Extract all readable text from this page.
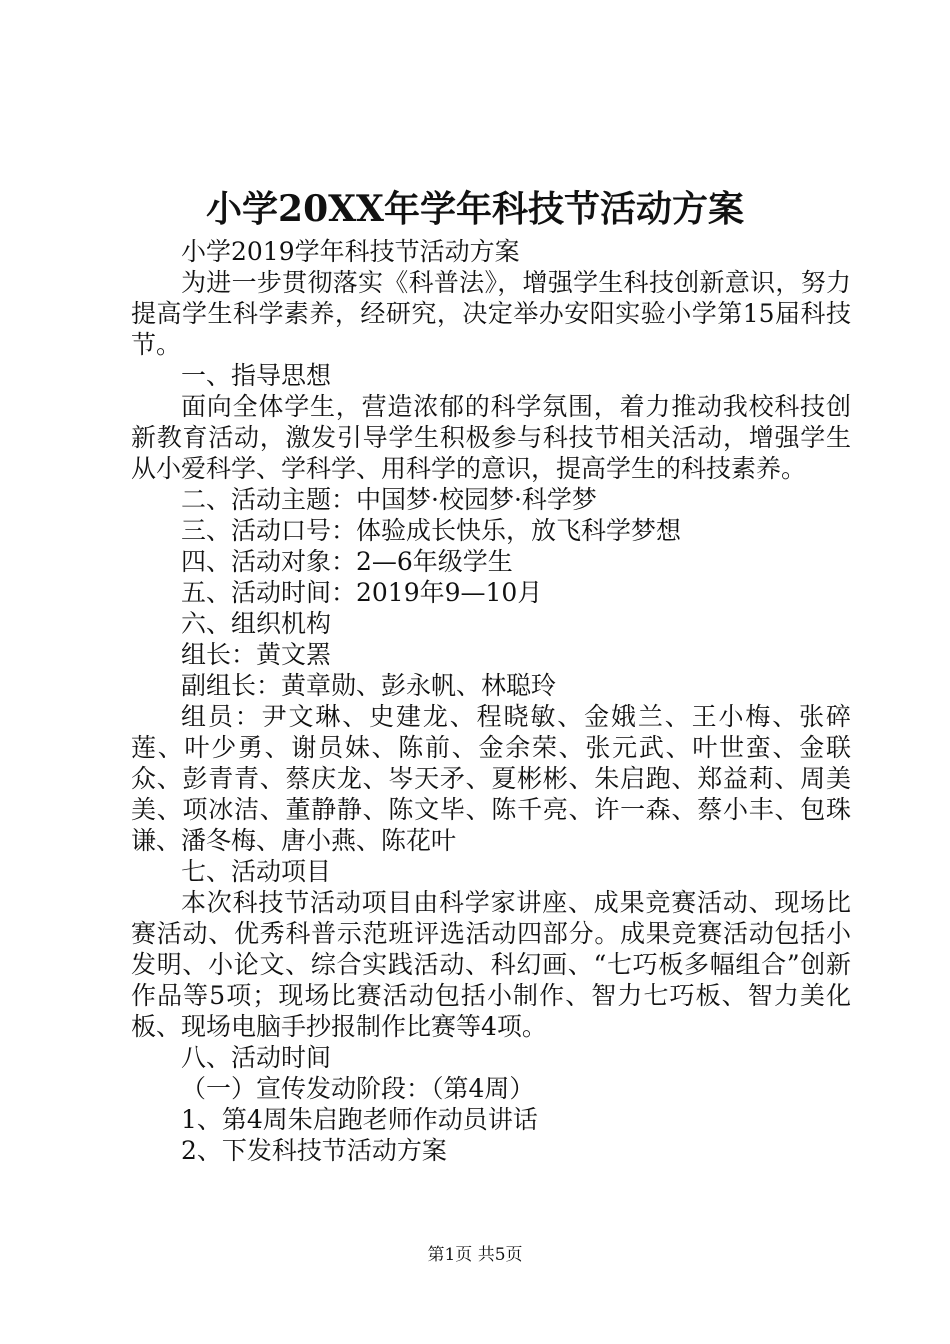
小学20XX年学年科技节活动方案

小学2019学年科技节活动方案

为进一步贯彻落实《科普法》，增强学生科技创新意识，努力提高学生科学素养，经研究，决定举办安阳实验小学第15届科技节。

一、指导思想

面向全体学生，营造浓郁的科学氛围，着力推动我校科技创新教育活动，激发引导学生积极参与科技节相关活动，增强学生从小爱科学、学科学、用科学的意识，提高学生的科技素养。

二、活动主题：中国梦·校园梦·科学梦

三、活动口号：体验成长快乐，放飞科学梦想

四、活动对象：2—6年级学生

五、活动时间：2019年9—10月

六、组织机构

组长：黄文罴

副组长：黄章勋、彭永帆、林聪玲

组员：尹文琳、史建龙、程晓敏、金娥兰、王小梅、张碎莲、叶少勇、谢员妹、陈前、金余荣、张元武、叶世蛮、金联众、彭青青、蔡庆龙、岑天矛、夏彬彬、朱启跑、郑益莉、周美美、项冰洁、董静静、陈文毕、陈千亮、许一森、蔡小丰、包珠谦、潘冬梅、唐小燕、陈花叶

七、活动项目

本次科技节活动项目由科学家讲座、成果竞赛活动、现场比赛活动、优秀科普示范班评选活动四部分。成果竞赛活动包括小发明、小论文、综合实践活动、科幻画、“七巧板多幅组合”创新作品等5项；现场比赛活动包括小制作、智力七巧板、智力美化板、现场电脑手抄报制作比赛等4项。

八、活动时间

（一）宣传发动阶段：（第4周）

1、第4周朱启跑老师作动员讲话

2、下发科技节活动方案

第1页 共5页
